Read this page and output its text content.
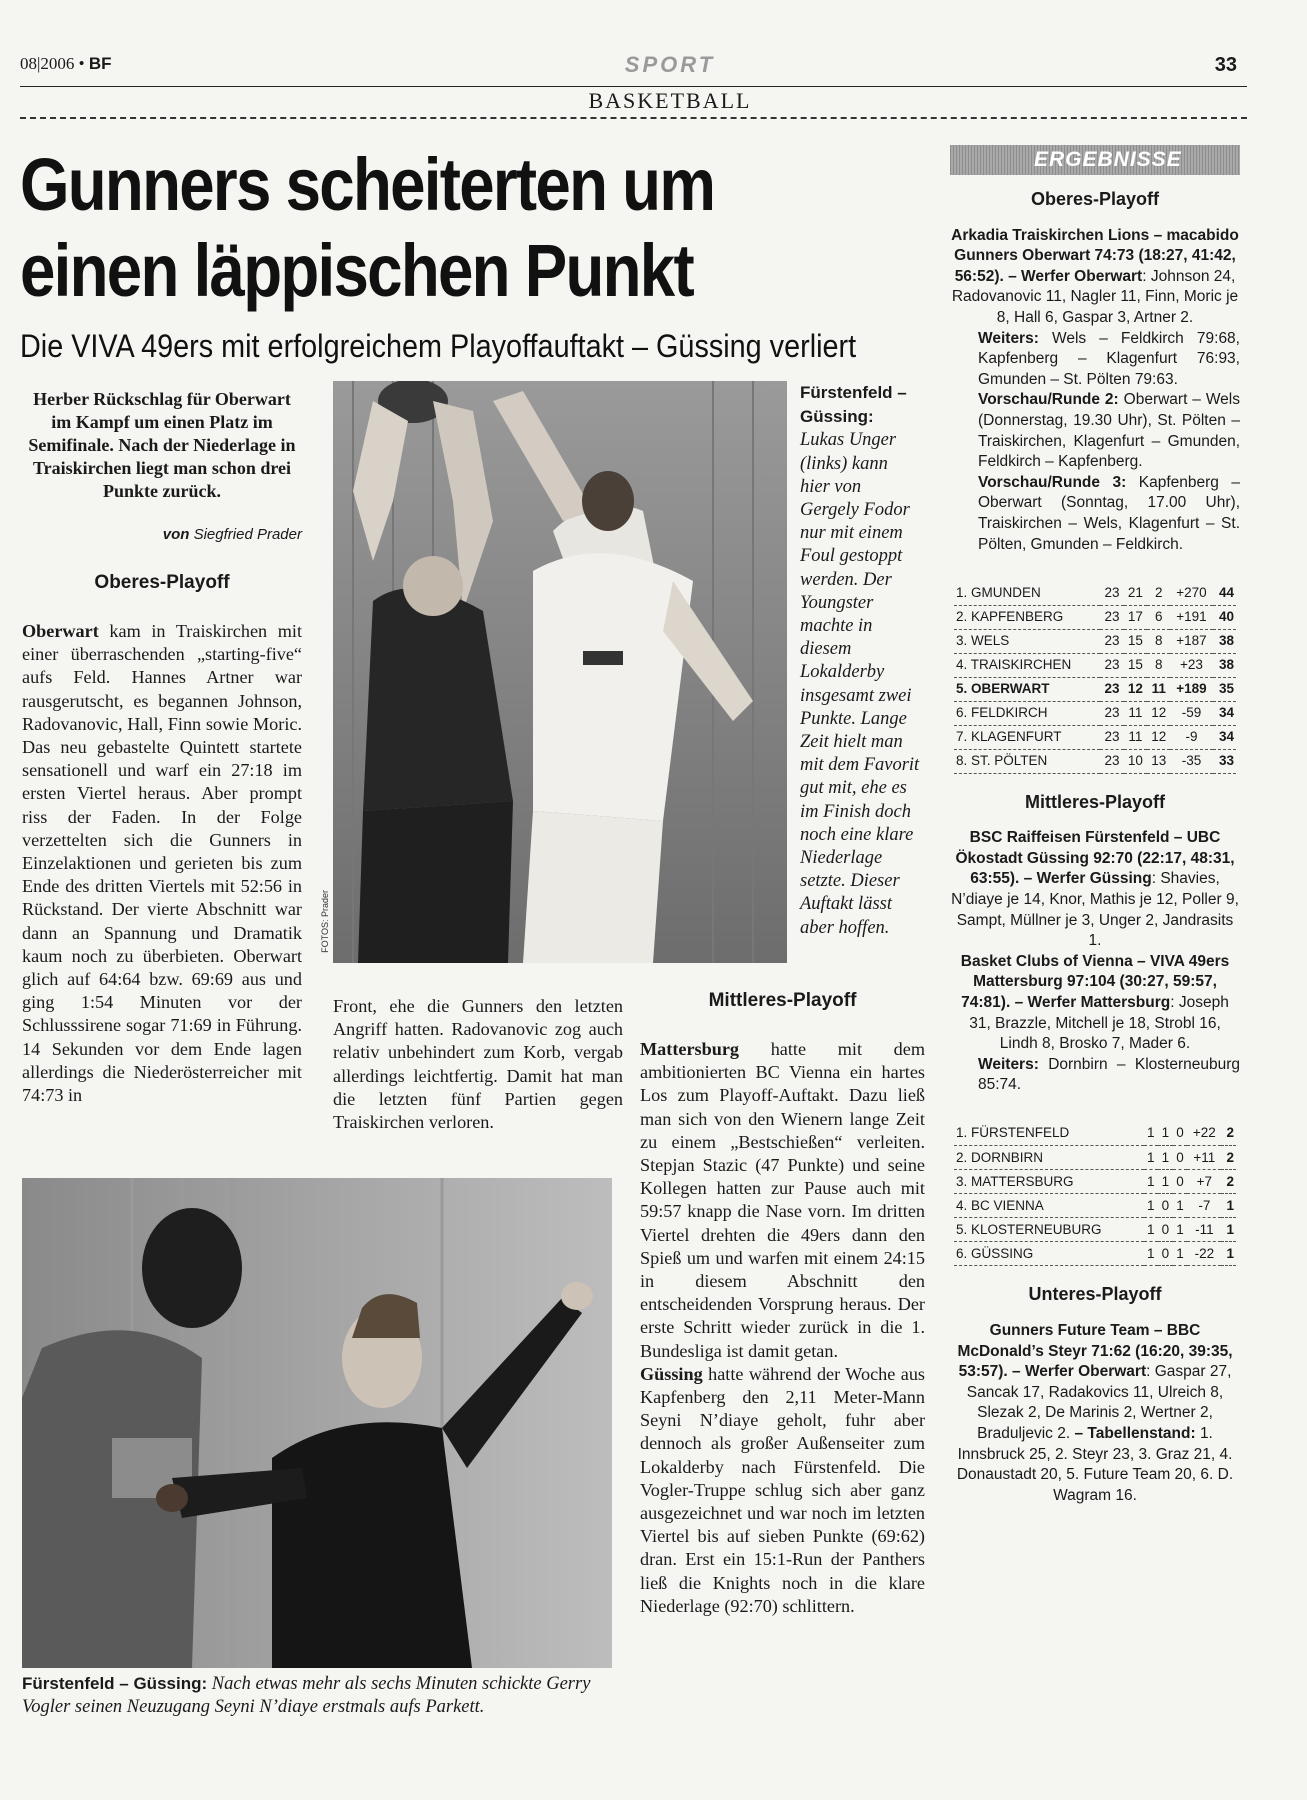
08|2006 • BF	SPORT	33
BASKETBALL
Gunners scheiterten um
einen läppischen Punkt
Die VIVA 49ers mit erfolgreichem Playoffauftakt – Güssing verliert
Herber Rückschlag für Oberwart im Kampf um einen Platz im Semifinale. Nach der Niederlage in Traiskirchen liegt man schon drei Punkte zurück.
von Siegfried Prader
Oberes-Playoff
Oberwart kam in Traiskirchen mit einer überraschenden „starting-five“ aufs Feld. Hannes Artner war rausgerutscht, es begannen Johnson, Radovanovic, Hall, Finn sowie Moric. Das neu gebastelte Quintett startete sensationell und warf ein 27:18 im ersten Viertel heraus. Aber prompt riss der Faden. In der Folge verzettelten sich die Gunners in Einzelaktionen und gerieten bis zum Ende des dritten Viertels mit 52:56 in Rückstand. Der vierte Abschnitt war dann an Spannung und Dramatik kaum noch zu überbieten. Oberwart glich auf 64:64 bzw. 69:69 aus und ging 1:54 Minuten vor der Schlusssirene sogar 71:69 in Führung. 14 Sekunden vor dem Ende lagen allerdings die Niederösterreicher mit 74:73 in
FOTOS: Prader
Fürstenfeld – Güssing: Lukas Unger (links) kann hier von Gergely Fodor nur mit einem Foul gestoppt werden. Der Youngster machte in diesem Lokalderby insgesamt zwei Punkte. Lange Zeit hielt man mit dem Favorit gut mit, ehe es im Finish doch noch eine klare Niederlage setzte. Dieser Auftakt lässt aber hoffen.
Front, ehe die Gunners den letzten Angriff hatten. Radovanovic zog auch relativ unbehindert zum Korb, vergab allerdings leichtfertig. Damit hat man die letzten fünf Partien gegen Traiskirchen verloren.
Fürstenfeld – Güssing: Nach etwas mehr als sechs Minuten schickte Gerry Vogler seinen Neuzugang Seyni N’diaye erstmals aufs Parkett.
Mittleres-Playoff
Mattersburg hatte mit dem ambitionierten BC Vienna ein hartes Los zum Playoff-Auftakt. Dazu ließ man sich von den Wienern lange Zeit zu einem „Bestschießen“ verleiten. Stepjan Stazic (47 Punkte) und seine Kollegen hatten zur Pause auch mit 59:57 knapp die Nase vorn. Im dritten Viertel drehten die 49ers dann den Spieß um und warfen mit einem 24:15 in diesem Abschnitt den entscheidenden Vorsprung heraus. Der erste Schritt wieder zurück in die 1. Bundesliga ist damit getan.
Güssing hatte während der Woche aus Kapfenberg den 2,11 Meter-Mann Seyni N’diaye geholt, fuhr aber dennoch als großer Außenseiter zum Lokalderby nach Fürstenfeld. Die Vogler-Truppe schlug sich aber ganz ausgezeichnet und war noch im letzten Viertel bis auf sieben Punkte (69:62) dran. Erst ein 15:1-Run der Panthers ließ die Knights noch in die klare Niederlage (92:70) schlittern.
ERGEBNISSE
Oberes-Playoff
Arkadia Traiskirchen Lions – macabido Gunners Oberwart 74:73 (18:27, 41:42, 56:52). – Werfer Oberwart: Johnson 24, Radovanovic 11, Nagler 11, Finn, Moric je 8, Hall 6, Gaspar 3, Artner 2.
Weiters: Wels – Feldkirch 79:68, Kapfenberg – Klagenfurt 76:93, Gmunden – St. Pölten 79:63.
Vorschau/Runde 2: Oberwart – Wels (Donnerstag, 19.30 Uhr), St. Pölten – Traiskirchen, Klagenfurt – Gmunden, Feldkirch – Kapfenberg.
Vorschau/Runde 3: Kapfenberg – Oberwart (Sonntag, 17.00 Uhr), Traiskirchen – Wels, Klagenfurt – St. Pölten, Gmunden – Feldkirch.
1. GMUNDEN	23	21	2	+270	44
2. KAPFENBERG	23	17	6	+191	40
3. WELS	23	15	8	+187	38
4. TRAISKIRCHEN	23	15	8	+23	38
5. OBERWART	23	12	11	+189	35
6. FELDKIRCH	23	11	12	-59	34
7. KLAGENFURT	23	11	12	-9	34
8. ST. PÖLTEN	23	10	13	-35	33
Mittleres-Playoff
BSC Raiffeisen Fürstenfeld – UBC Ökostadt Güssing 92:70 (22:17, 48:31, 63:55). – Werfer Güssing: Shavies, N’diaye je 14, Knor, Mathis je 12, Poller 9, Sampt, Müllner je 3, Unger 2, Jandrasits 1.
Basket Clubs of Vienna – VIVA 49ers Mattersburg 97:104 (30:27, 59:57, 74:81). – Werfer Mattersburg: Joseph 31, Brazzle, Mitchell je 18, Strobl 16, Lindh 8, Brosko 7, Mader 6.
Weiters: Dornbirn – Klosterneuburg 85:74.
1. FÜRSTENFELD	1	1	0	+22	2
2. DORNBIRN	1	1	0	+11	2
3. MATTERSBURG	1	1	0	+7	2
4. BC VIENNA	1	0	1	-7	1
5. KLOSTERNEUBURG	1	0	1	-11	1
6. GÜSSING	1	0	1	-22	1
Unteres-Playoff
Gunners Future Team – BBC McDonald’s Steyr 71:62 (16:20, 39:35, 53:57). – Werfer Oberwart: Gaspar 27, Sancak 17, Radakovics 11, Ulreich 8, Slezak 2, De Marinis 2, Wertner 2, Braduljevic 2. – Tabellenstand: 1. Innsbruck 25, 2. Steyr 23, 3. Graz 21, 4. Donaustadt 20, 5. Future Team 20, 6. D. Wagram 16.
